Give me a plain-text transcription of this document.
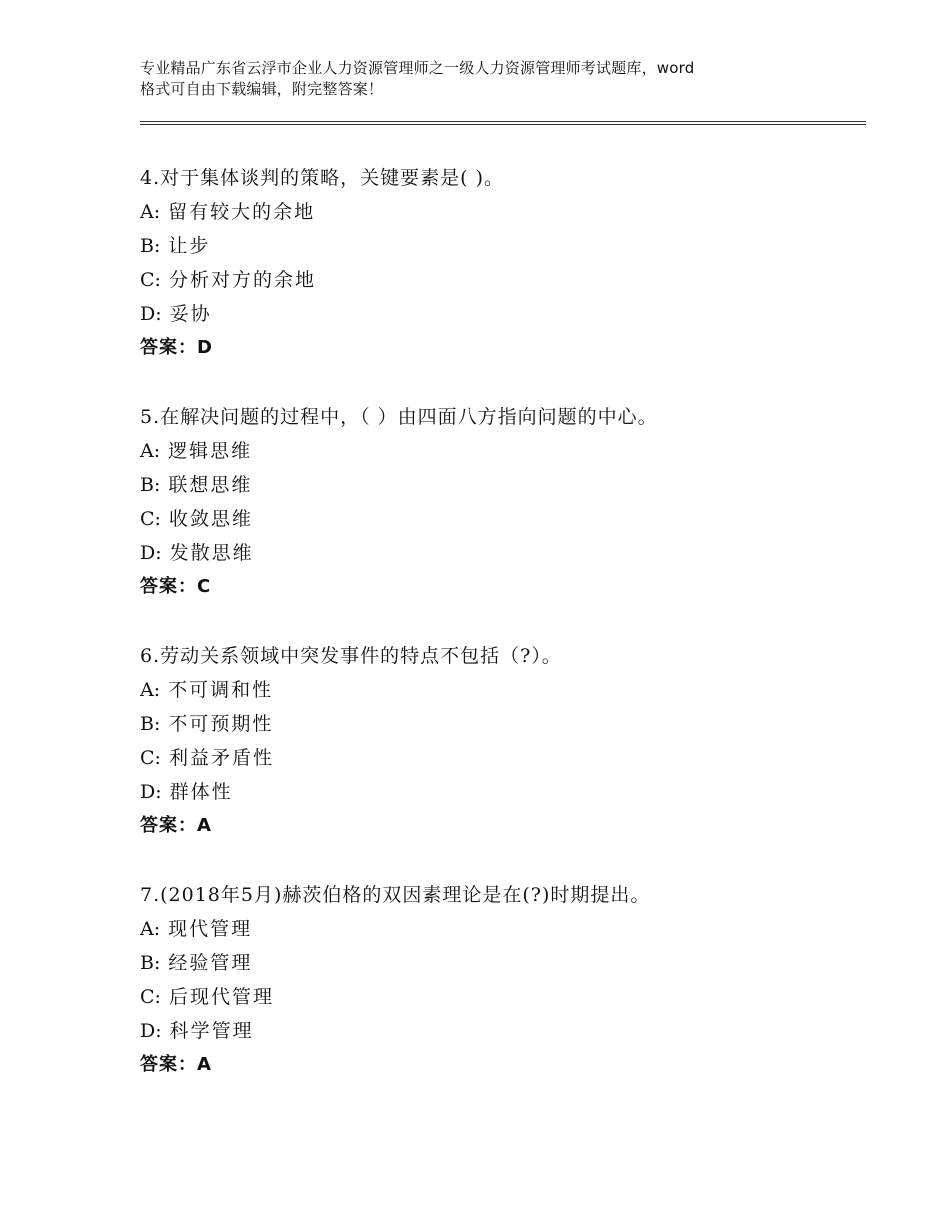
专业精品广东省云浮市企业人力资源管理师之一级人力资源管理师考试题库，word
格式可自由下载编辑，附完整答案！
4.对于集体谈判的策略，关键要素是( )。
A: 留有较大的余地
B: 让步
C: 分析对方的余地
D: 妥协
答案：D
5.在解决问题的过程中，（ ）由四面八方指向问题的中心。
A: 逻辑思维
B: 联想思维
C: 收敛思维
D: 发散思维
答案：C
6.劳动关系领域中突发事件的特点不包括（?）。
A: 不可调和性
B: 不可预期性
C: 利益矛盾性
D: 群体性
答案：A
7.(2018年5月)赫茨伯格的双因素理论是在(?)时期提出。
A: 现代管理
B: 经验管理
C: 后现代管理
D: 科学管理
答案：A
